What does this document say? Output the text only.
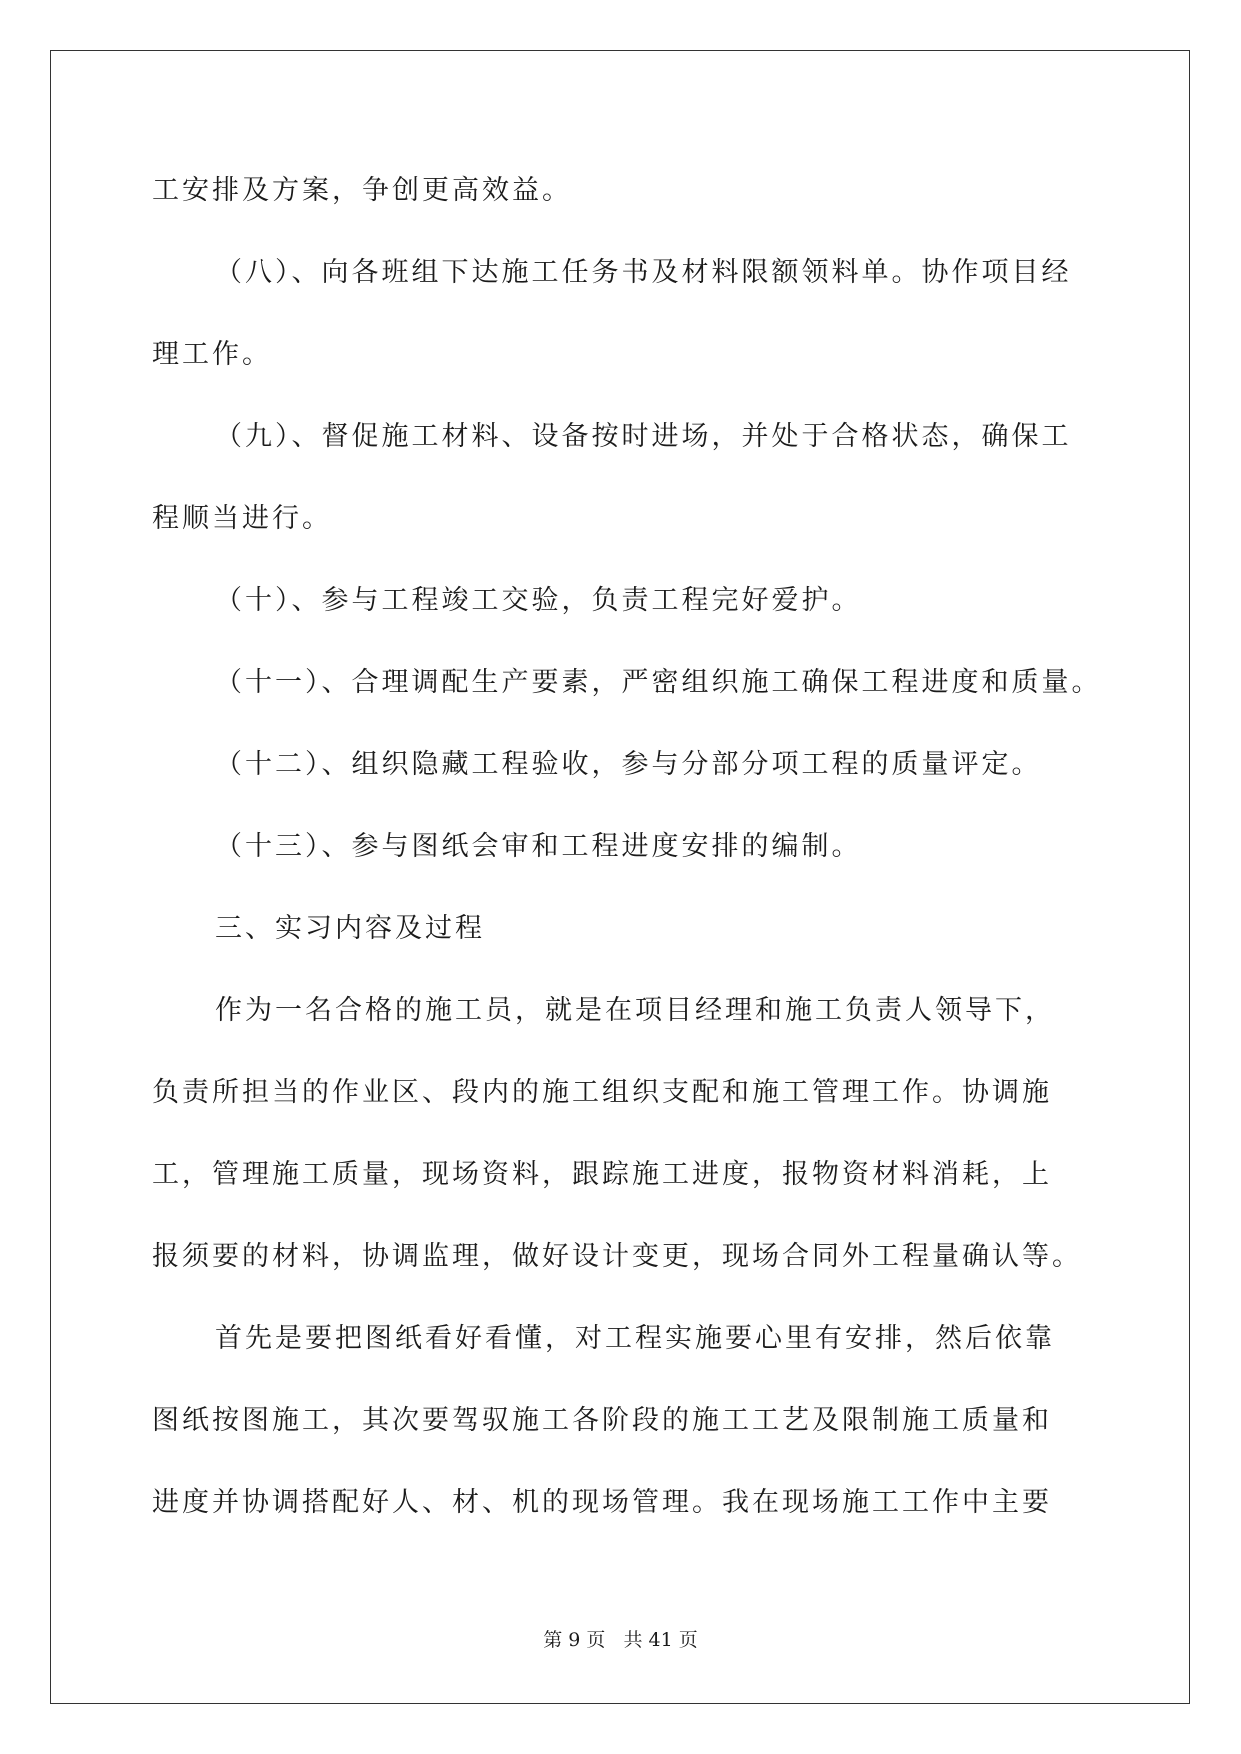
工安排及方案，争创更高效益。

（八）、向各班组下达施工任务书及材料限额领料单。协作项目经

理工作。

（九）、督促施工材料、设备按时进场，并处于合格状态，确保工

程顺当进行。

（十）、参与工程竣工交验，负责工程完好爱护。

（十一）、合理调配生产要素，严密组织施工确保工程进度和质量。

（十二）、组织隐藏工程验收，参与分部分项工程的质量评定。

（十三）、参与图纸会审和工程进度安排的编制。

三、实习内容及过程

作为一名合格的施工员，就是在项目经理和施工负责人领导下，

负责所担当的作业区、段内的施工组织支配和施工管理工作。协调施

工，管理施工质量，现场资料，跟踪施工进度，报物资材料消耗，上

报须要的材料，协调监理，做好设计变更，现场合同外工程量确认等。

首先是要把图纸看好看懂，对工程实施要心里有安排，然后依靠

图纸按图施工，其次要驾驭施工各阶段的施工工艺及限制施工质量和

进度并协调搭配好人、材、机的现场管理。我在现场施工工作中主要

第 9 页   共 41 页
